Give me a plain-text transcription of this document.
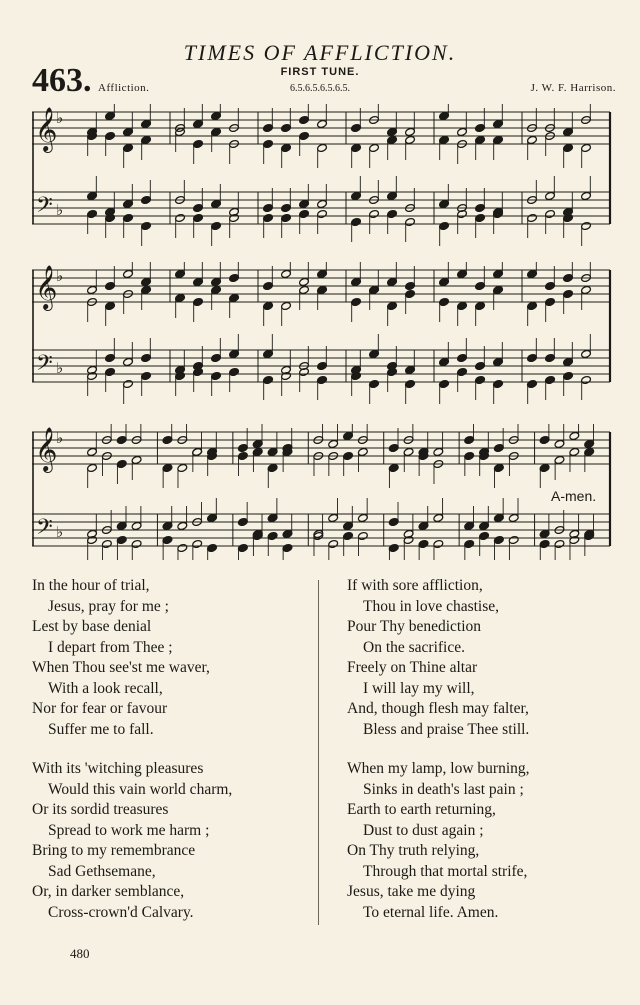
TIMES OF AFFLICTION.
463. Affliction.
FIRST TUNE.
6.5.6.5.6.5.6.5.	J. W. F. Harrison.
𝄞
𝄢
♭
♭
𝄞
𝄢
♭
♭
𝄞
𝄢
♭
♭
A-men.
In the hour of trial,
Jesus, pray for me ;
Lest by base denial
I depart from Thee ;
When Thou see'st me waver,
With a look recall,
Nor for fear or favour
Suffer me to fall.
With its 'witching pleasures
Would this vain world charm,
Or its sordid treasures
Spread to work me harm ;
Bring to my remembrance
Sad Gethsemane,
Or, in darker semblance,
Cross-crown'd Calvary.
If with sore affliction,
Thou in love chastise,
Pour Thy benediction
On the sacrifice.
Freely on Thine altar
I will lay my will,
And, though flesh may falter,
Bless and praise Thee still.
When my lamp, low burning,
Sinks in death's last pain ;
Earth to earth returning,
Dust to dust again ;
On Thy truth relying,
Through that mortal strife,
Jesus, take me dying
To eternal life. Amen.
480
